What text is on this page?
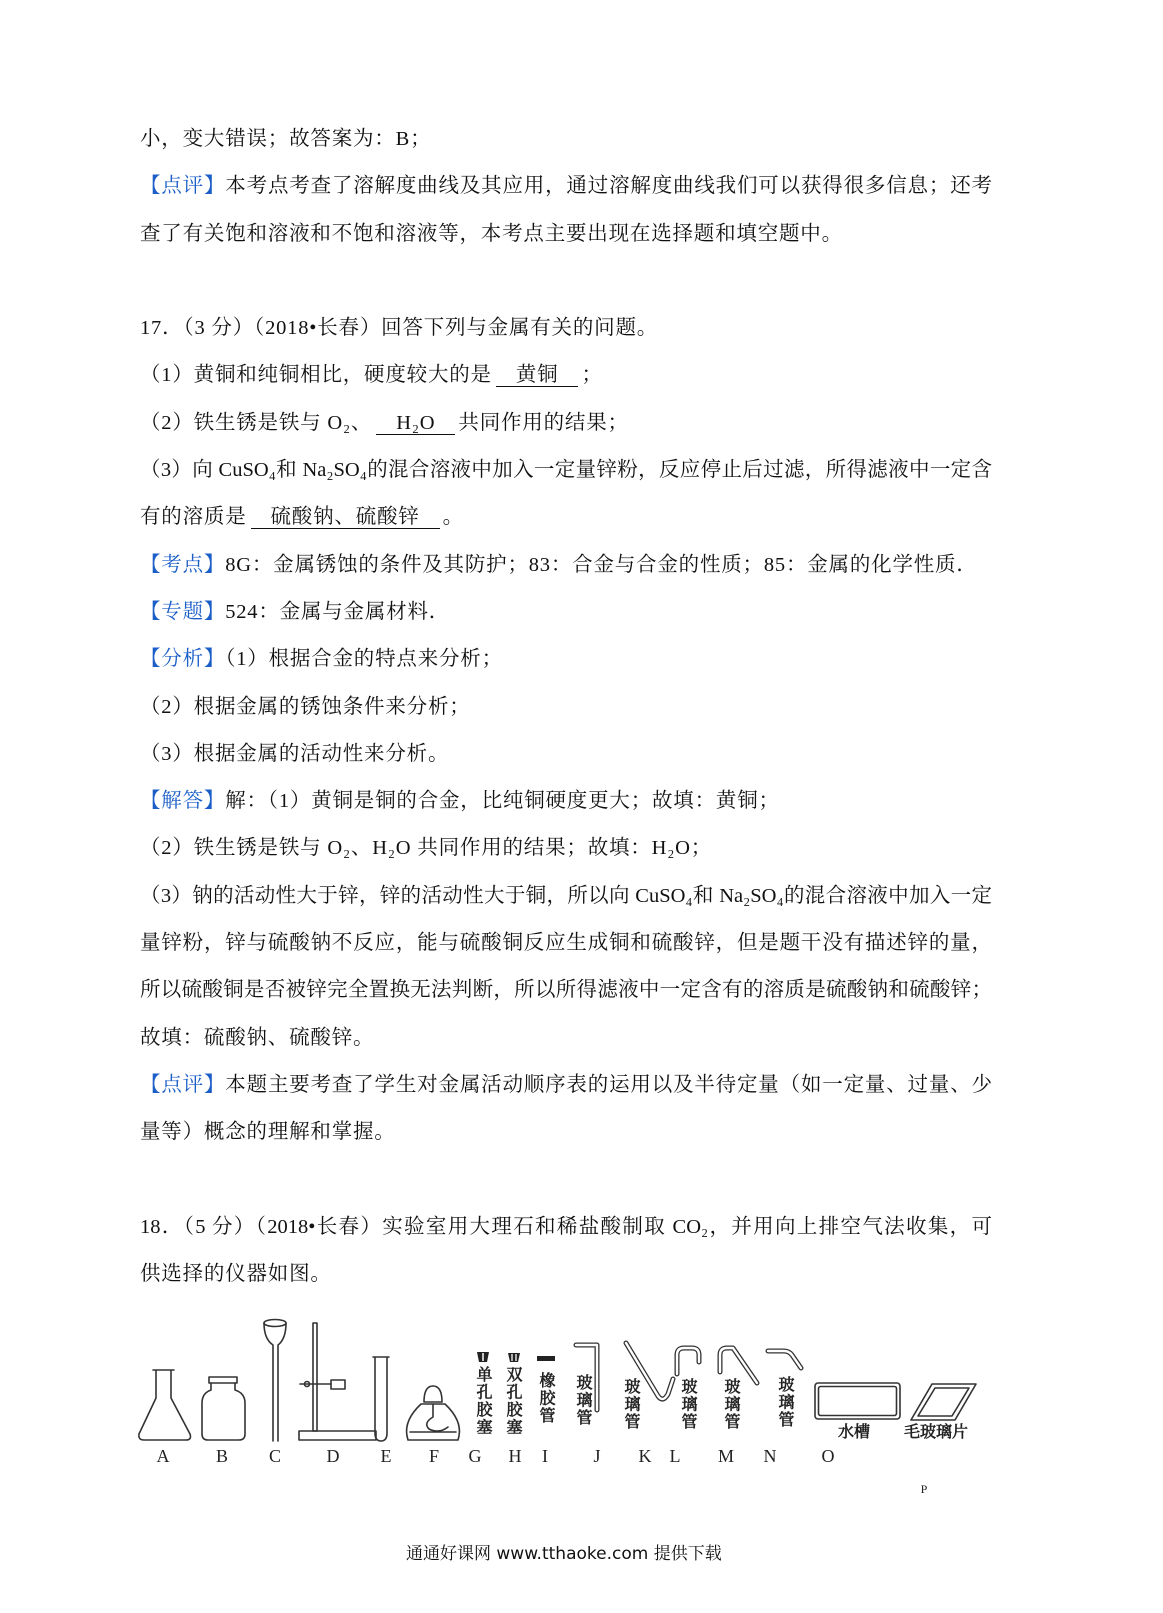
小，变大错误；故答案为：B；
【点评】本考点考查了溶解度曲线及其应用，通过溶解度曲线我们可以获得很多信息；还考
查了有关饱和溶液和不饱和溶液等，本考点主要出现在选择题和填空题中。
17．（3 分）（2018•长春）回答下列与金属有关的问题。
（1）黄铜和纯铜相比，硬度较大的是 黄铜 ；
（2）铁生锈是铁与 O₂、 H₂O 共同作用的结果；
（3）向 CuSO₄和 Na₂SO₄的混合溶液中加入一定量锌粉，反应停止后过滤，所得滤液中一定含
有的溶质是 硫酸钠、硫酸锌 。
【考点】8G：金属锈蚀的条件及其防护；83：合金与合金的性质；85：金属的化学性质．
【专题】524：金属与金属材料．
【分析】（1）根据合金的特点来分析；
（2）根据金属的锈蚀条件来分析；
（3）根据金属的活动性来分析。
【解答】解：（1）黄铜是铜的合金，比纯铜硬度更大；故填：黄铜；
（2）铁生锈是铁与 O₂、H₂O 共同作用的结果；故填：H₂O；
（3）钠的活动性大于锌，锌的活动性大于铜，所以向 CuSO₄和 Na₂SO₄的混合溶液中加入一定
量锌粉，锌与硫酸钠不反应，能与硫酸铜反应生成铜和硫酸锌，但是题干没有描述锌的量，
所以硫酸铜是否被锌完全置换无法判断，所以所得滤液中一定含有的溶质是硫酸钠和硫酸锌；
故填：硫酸钠、硫酸锌。
【点评】本题主要考查了学生对金属活动顺序表的运用以及半待定量（如一定量、过量、少
量等）概念的理解和掌握。
18．（5 分）（2018•长春）实验室用大理石和稀盐酸制取 CO₂，并用向上排空气法收集，可
供选择的仪器如图。
单孔胶塞 双孔胶塞 橡胶管 玻璃管 玻璃管 玻璃管 玻璃管 玻璃管
水槽 毛玻璃片
A	B	C	D	E	F	G	H	I	J	K	L	M	N	O
P
通通好课网 www.tthaoke.com 提供下载
